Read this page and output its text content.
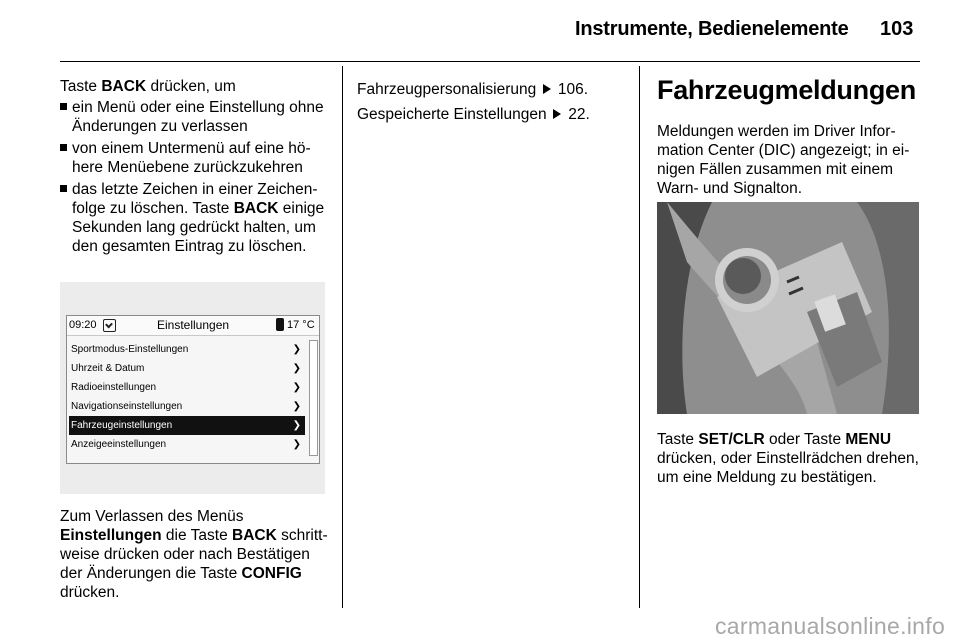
Instrumente, Bedienelemente 103

Taste BACK drücken, um

ein Menü oder eine Einstellung ohne Änderungen zu verlassen
von einem Untermenü auf eine höhere Menüebene zurückzukehren
das letzte Zeichen in einer Zeichenfolge zu löschen. Taste BACK einige Sekunden lang gedrückt halten, um den gesamten Eintrag zu löschen.
09:20	Einstellungen	17 °C
Sportmodus-Einstellungen	❯
Uhrzeit & Datum	❯
Radioeinstellungen	❯
Navigationseinstellungen	❯
Fahrzeugeinstellungen	❯
Anzeigeeinstellungen	❯

Zum Verlassen des Menüs Einstellungen die Taste BACK schrittweise drücken oder nach Bestätigen der Änderungen die Taste CONFIG drücken.

Fahrzeugpersonalisierung 106.

Gespeicherte Einstellungen 22.

Fahrzeugmeldungen

Meldungen werden im Driver Information Center (DIC) angezeigt; in einigen Fällen zusammen mit einem Warn- und Signalton.

Taste SET/CLR oder Taste MENU drücken, oder Einstellrädchen drehen, um eine Meldung zu bestätigen.

carmanualsonline.info
